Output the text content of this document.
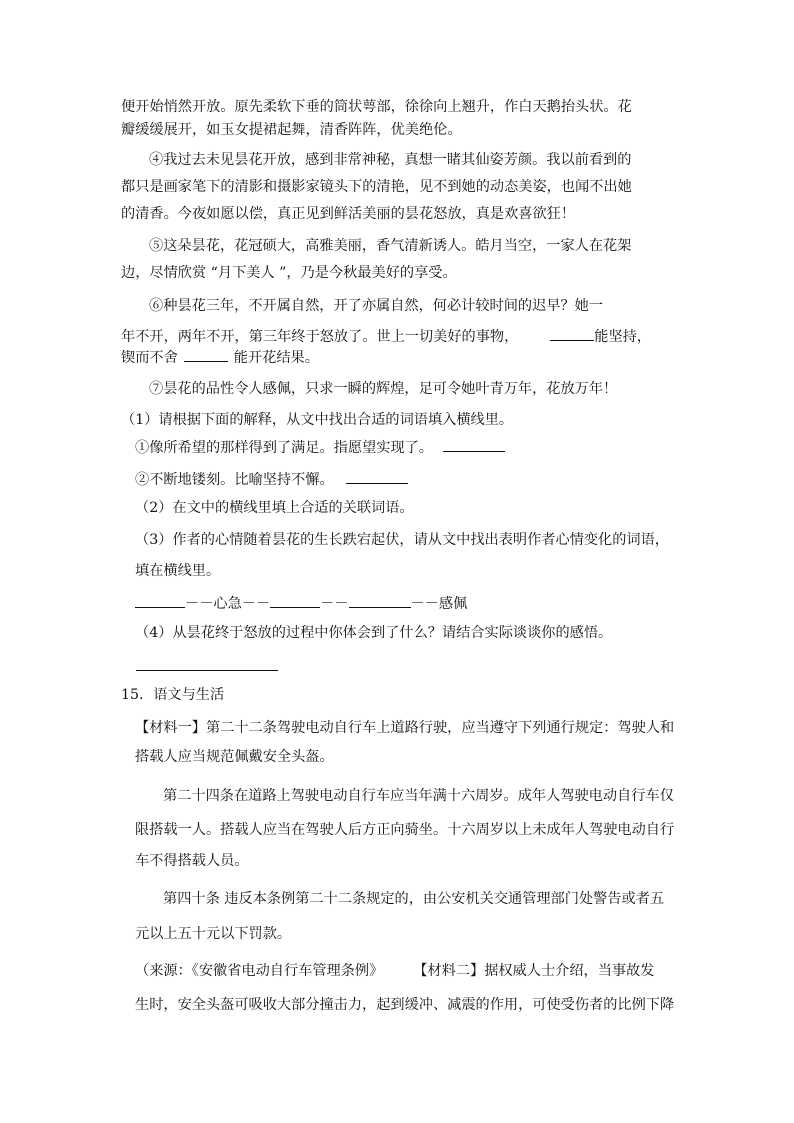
便开始悄然开放。原先柔软下垂的筒状萼部，徐徐向上翘升，作白天鹅抬头状。花
瓣缓缓展开，如玉女提裙起舞，清香阵阵，优美绝伦。
④我过去未见昙花开放，感到非常神秘，真想一睹其仙姿芳颜。我以前看到的
都只是画家笔下的清影和摄影家镜头下的清艳，见不到她的动态美姿，也闻不出她
的清香。今夜如愿以偿，真正见到鲜活美丽的昙花怒放，真是欢喜欲狂！
⑤这朵昙花，花冠硕大，高雅美丽，香气清新诱人。皓月当空，一家人在花架
边，尽情欣赏 “月下美人 ”，乃是今秋最美好的享受。
⑥种昙花三年，不开属自然，开了亦属自然，何必计较时间的迟早？她一
年不开，两年不开，第三年终于怒放了。世上一切美好的事物，	能坚持，
锲而不舍	能开花结果。
⑦昙花的品性令人感佩，只求一瞬的辉煌，足可令她叶青万年，花放万年！
（1）请根据下面的解释，从文中找出合适的词语填入横线里。
①像所希望的那样得到了满足。指愿望实现了。
②不断地镂刻。比喻坚持不懈。
（2）在文中的横线里填上合适的关联词语。
（3）作者的心情随着昙花的生长跌宕起伏，请从文中找出表明作者心情变化的词语，
填在横线里。
－－心急－－	－－	－－感佩
（4）从昙花终于怒放的过程中你体会到了什么？请结合实际谈谈你的感悟。
15．语文与生活
【材料一】第二十二条驾驶电动自行车上道路行驶，应当遵守下列通行规定：驾驶人和
搭载人应当规范佩戴安全头盔。
第二十四条在道路上驾驶电动自行车应当年满十六周岁。成年人驾驶电动自行车仅
限搭载一人。搭载人应当在驾驶人后方正向骑坐。十六周岁以上未成年人驾驶电动自行
车不得搭载人员。
第四十条 违反本条例第二十二条规定的，由公安机关交通管理部门处警告或者五
元以上五十元以下罚款。
（来源：《安徽省电动自行车管理条例》 【材料二】据权威人士介绍，当事故发
生时，安全头盔可吸收大部分撞击力，起到缓冲、减震的作用，可使受伤者的比例下降
